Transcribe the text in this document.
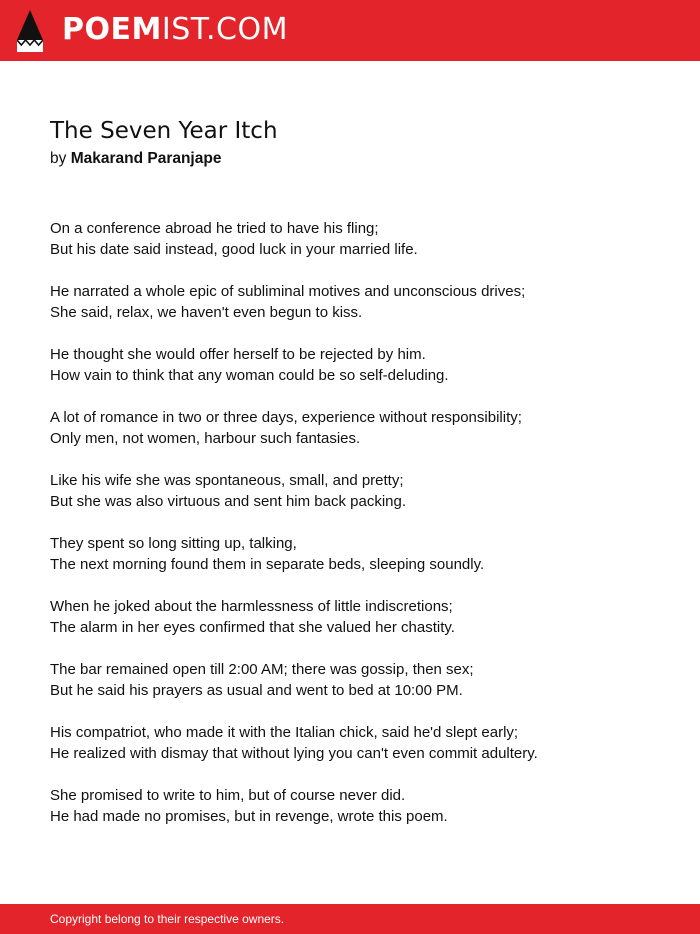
POEMIST.COM
The Seven Year Itch
by Makarand Paranjape
On a conference abroad he tried to have his fling;
But his date said instead, good luck in your married life.
He narrated a whole epic of subliminal motives and unconscious drives;
She said, relax, we haven't even begun to kiss.
He thought she would offer herself to be rejected by him.
How vain to think that any woman could be so self-deluding.
A lot of romance in two or three days, experience without responsibility;
Only men, not women, harbour such fantasies.
Like his wife she was spontaneous, small, and pretty;
But she was also virtuous and sent him back packing.
They spent so long sitting up, talking,
The next morning found them in separate beds, sleeping soundly.
When he joked about the harmlessness of little indiscretions;
The alarm in her eyes confirmed that she valued her chastity.
The bar remained open till 2:00 AM; there was gossip, then sex;
But he said his prayers as usual and went to bed at 10:00 PM.
His compatriot, who made it with the Italian chick, said he'd slept early;
He realized with dismay that without lying you can't even commit adultery.
She promised to write to him, but of course never did.
He had made no promises, but in revenge, wrote this poem.
Copyright belong to their respective owners.
